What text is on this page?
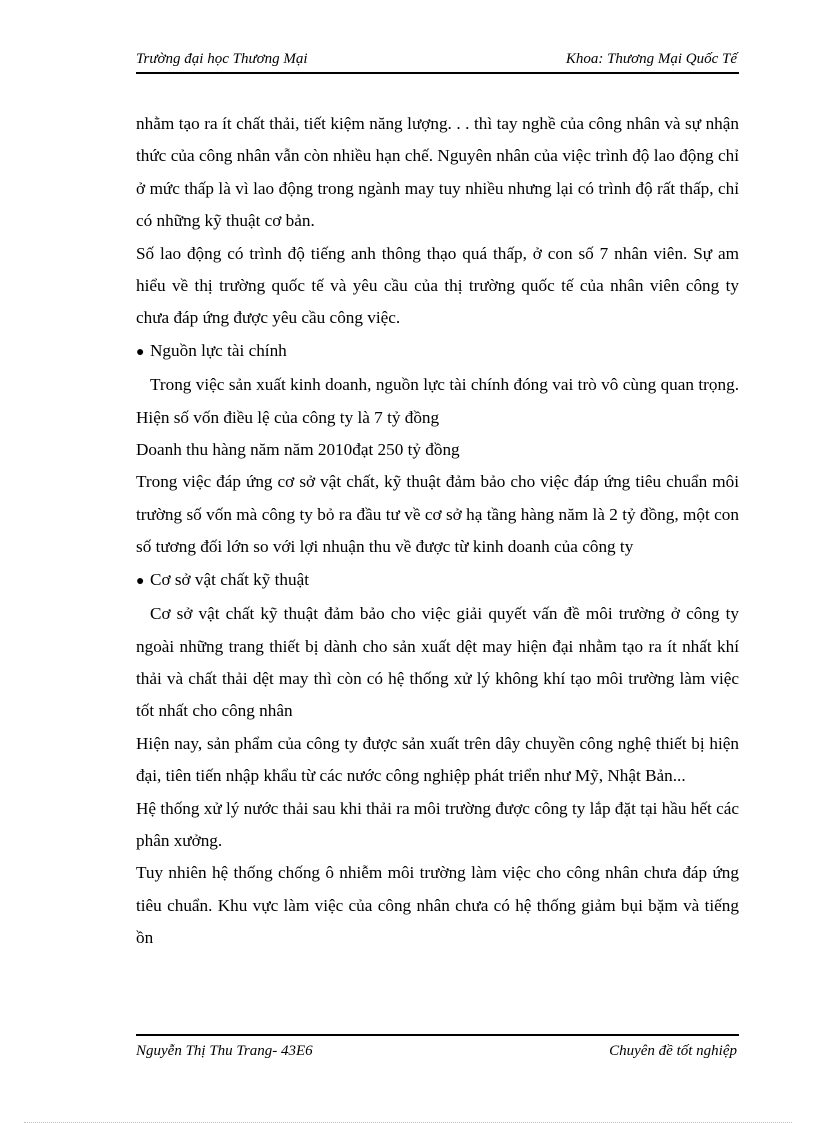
Trường đại học Thương Mại	Khoa: Thương Mại Quốc Tế

nhằm tạo ra ít chất thải, tiết kiệm năng lượng. . . thì tay nghề của công nhân và sự nhận thức của công nhân vẫn còn nhiều hạn chế. Nguyên nhân của việc trình độ lao động chỉ ở mức thấp là vì lao động trong ngành may tuy nhiều nhưng lại có trình độ rất thấp, chỉ có những kỹ thuật cơ bản.

Số lao động có trình độ tiếng anh thông thạo quá thấp, ở con số 7 nhân viên. Sự am hiểu về thị trường quốc tế và yêu cầu của thị trường quốc tế của nhân viên công ty chưa đáp ứng được yêu cầu công việc.

● Nguồn lực tài chính

Trong việc sản xuất kinh doanh, nguồn lực tài chính đóng vai trò vô cùng quan trọng. Hiện số vốn điều lệ của công ty là 7 tỷ đồng

Doanh thu hàng năm năm 2010đạt 250 tỷ đồng

Trong việc đáp ứng cơ sở vật chất, kỹ thuật đảm bảo cho việc đáp ứng tiêu chuẩn môi trường số vốn mà công ty bỏ ra đầu tư về cơ sở hạ tầng hàng năm là 2 tỷ đồng, một con số tương đối lớn so với lợi nhuận thu về được từ kinh doanh của công ty

● Cơ sở vật chất kỹ thuật

Cơ sở vật chất kỹ thuật đảm bảo cho việc giải quyết vấn đề môi trường ở công ty ngoài những trang thiết bị dành cho sản xuất dệt may hiện đại nhằm tạo ra ít nhất khí thải và chất thải dệt may thì còn có hệ thống xử lý không khí tạo môi trường làm việc tốt nhất cho công nhân

Hiện nay, sản phẩm của công ty được sản xuất trên dây chuyền công nghệ thiết bị hiện đại, tiên tiến nhập khẩu từ các nước công nghiệp phát triển như Mỹ, Nhật Bản...

Hệ thống xử lý nước thải sau khi thải ra môi trường được công ty lắp đặt tại hầu hết các phân xưởng.

Tuy nhiên hệ thống chống ô nhiễm môi trường làm việc cho công nhân chưa đáp ứng tiêu chuẩn. Khu vực làm việc của công nhân chưa có hệ thống giảm bụi bặm và tiếng ồn

Nguyễn Thị Thu Trang- 43E6	Chuyên đề tốt nghiệp
